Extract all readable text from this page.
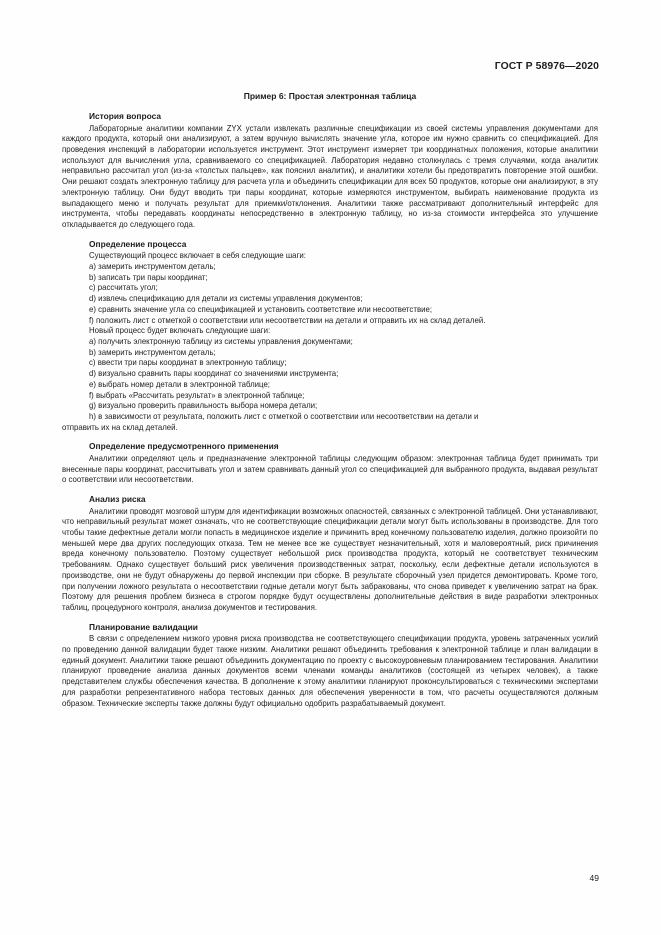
ГОСТ Р 58976—2020
Пример 6: Простая электронная таблица
История вопроса

Лабораторные аналитики компании ZYX устали извлекать различные спецификации из своей системы управления документами для каждого продукта, который они анализируют, а затем вручную вычислять значение угла, которое им нужно сравнить со спецификацией. Для проведения инспекций в лаборатории используется инструмент. Этот инструмент измеряет три координатных положения, которые аналитики используют для вычисления угла, сравниваемого со спецификацией. Лаборатория недавно столкнулась с тремя случаями, когда аналитик неправильно рассчитал угол (из-за «толстых пальцев», как пояснил аналитик), и аналитики хотели бы предотвратить повторение этой ошибки. Они решают создать электронную таблицу для расчета угла и объединить спецификации для всех 50 продуктов, которые они анализируют, в эту электронную таблицу. Они будут вводить три пары координат, которые измеряются инструментом, выбирать наименование продукта из выпадающего меню и получать результат для приемки/отклонения. Аналитики также рассматривают дополнительный интерфейс для инструмента, чтобы передавать координаты непосредственно в электронную таблицу, но из-за стоимости интерфейса это улучшение откладывается до следующего года.

Определение процесса

Существующий процесс включает в себя следующие шаги:

a) замерить инструментом деталь;
b) записать три пары координат;
c) рассчитать угол;
d) извлечь спецификацию для детали из системы управления документов;
e) сравнить значение угла со спецификацией и установить соответствие или несоответствие;
f) положить лист с отметкой о соответствии или несоответствии на детали и отправить их на склад деталей.

Новый процесс будет включать следующие шаги:

a) получить электронную таблицу из системы управления документами;
b) замерить инструментом деталь;
c) ввести три пары координат в электронную таблицу;
d) визуально сравнить пары координат со значениями инструмента;
e) выбрать номер детали в электронной таблице;
f) выбрать «Рассчитать результат» в электронной таблице;
g) визуально проверить правильность выбора номера детали;
h) в зависимости от результата, положить лист с отметкой о соответствии или несоответствии на детали и
отправить их на склад деталей.
Определение предусмотренного применения

Аналитики определяют цель и предназначение электронной таблицы следующим образом: электронная таблица будет принимать три внесенные пары координат, рассчитывать угол и затем сравнивать данный угол со спецификацией для выбранного продукта, выдавая результат о соответствии или несоответствии.

Анализ риска

Аналитики проводят мозговой штурм для идентификации возможных опасностей, связанных с электронной таблицей. Они устанавливают, что неправильный результат может означать, что не соответствующие спецификации детали могут быть использованы в производстве. Для того чтобы такие дефектные детали могли попасть в медицинское изделие и причинить вред конечному пользователю изделия, должно произойти по меньшей мере два других последующих отказа. Тем не менее все же существует незначительный, хотя и маловероятный, риск причинения вреда конечному пользователю. Поэтому существует небольшой риск производства продукта, который не соответствует техническим требованиям. Однако существует больший риск увеличения производственных затрат, поскольку, если дефектные детали используются в производстве, они не будут обнаружены до первой инспекции при сборке. В результате сборочный узел придется демонтировать. Кроме того, при получении ложного результата о несоответствии годные детали могут быть забракованы, что снова приведет к увеличению затрат на брак. Поэтому для решения проблем бизнеса в строгом порядке будут осуществлены дополнительные действия в виде разработки электронных таблиц, процедурного контроля, анализа документов и тестирования.

Планирование валидации

В связи с определением низкого уровня риска производства не соответствующего спецификации продукта, уровень затраченных усилий по проведению данной валидации будет также низким. Аналитики решают объединить требования к электронной таблице и план валидации в единый документ. Аналитики также решают объединить документацию по проекту с высокоуровневым планированием тестирования. Аналитики планируют проведение анализа данных документов всеми членами команды аналитиков (состоящей из четырех человек), а также представителем службы обеспечения качества. В дополнение к этому аналитики планируют проконсультироваться с техническими экспертами для разработки репрезентативного набора тестовых данных для обеспечения уверенности в том, что расчеты осуществляются должным образом. Технические эксперты также должны будут официально одобрить разрабатываемый документ.

49
